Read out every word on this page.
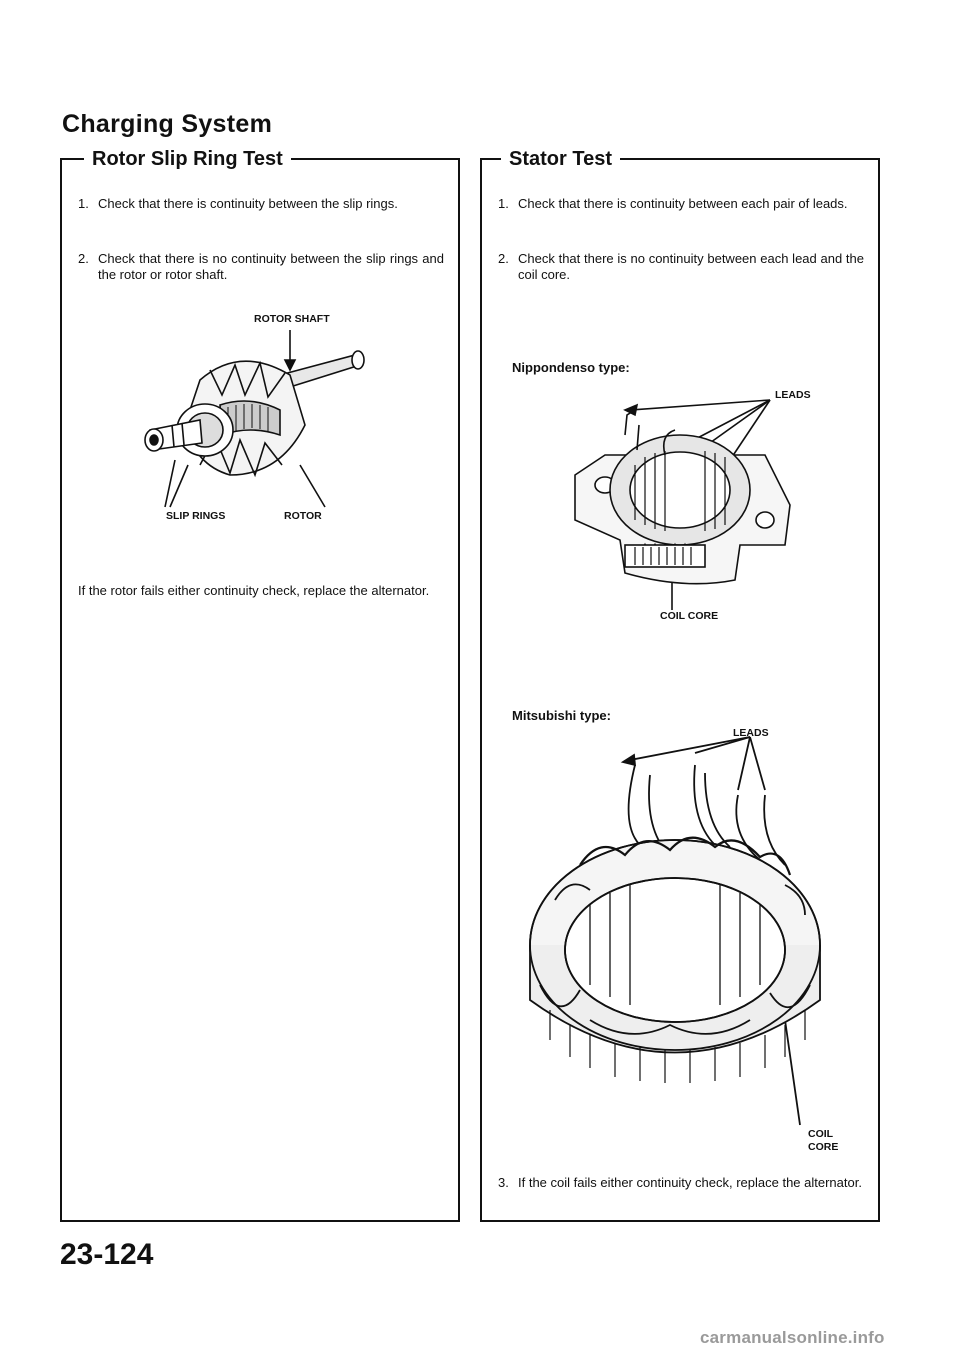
Charging System
Rotor Slip Ring Test
1. Check that there is continuity between the slip rings.
2. Check that there is no continuity between the slip rings and the rotor or rotor shaft.
ROTOR SHAFT
SLIP RINGS	ROTOR
If the rotor fails either continuity check, replace the alternator.
Stator Test
1. Check that there is continuity between each pair of leads.
2. Check that there is no continuity between each lead and the coil core.
Nippondenso type:
LEADS
COIL CORE
Mitsubishi type:
LEADS
COIL
CORE
3. If the coil fails either continuity check, replace the alternator.
23-124
carmanualsonline.info
